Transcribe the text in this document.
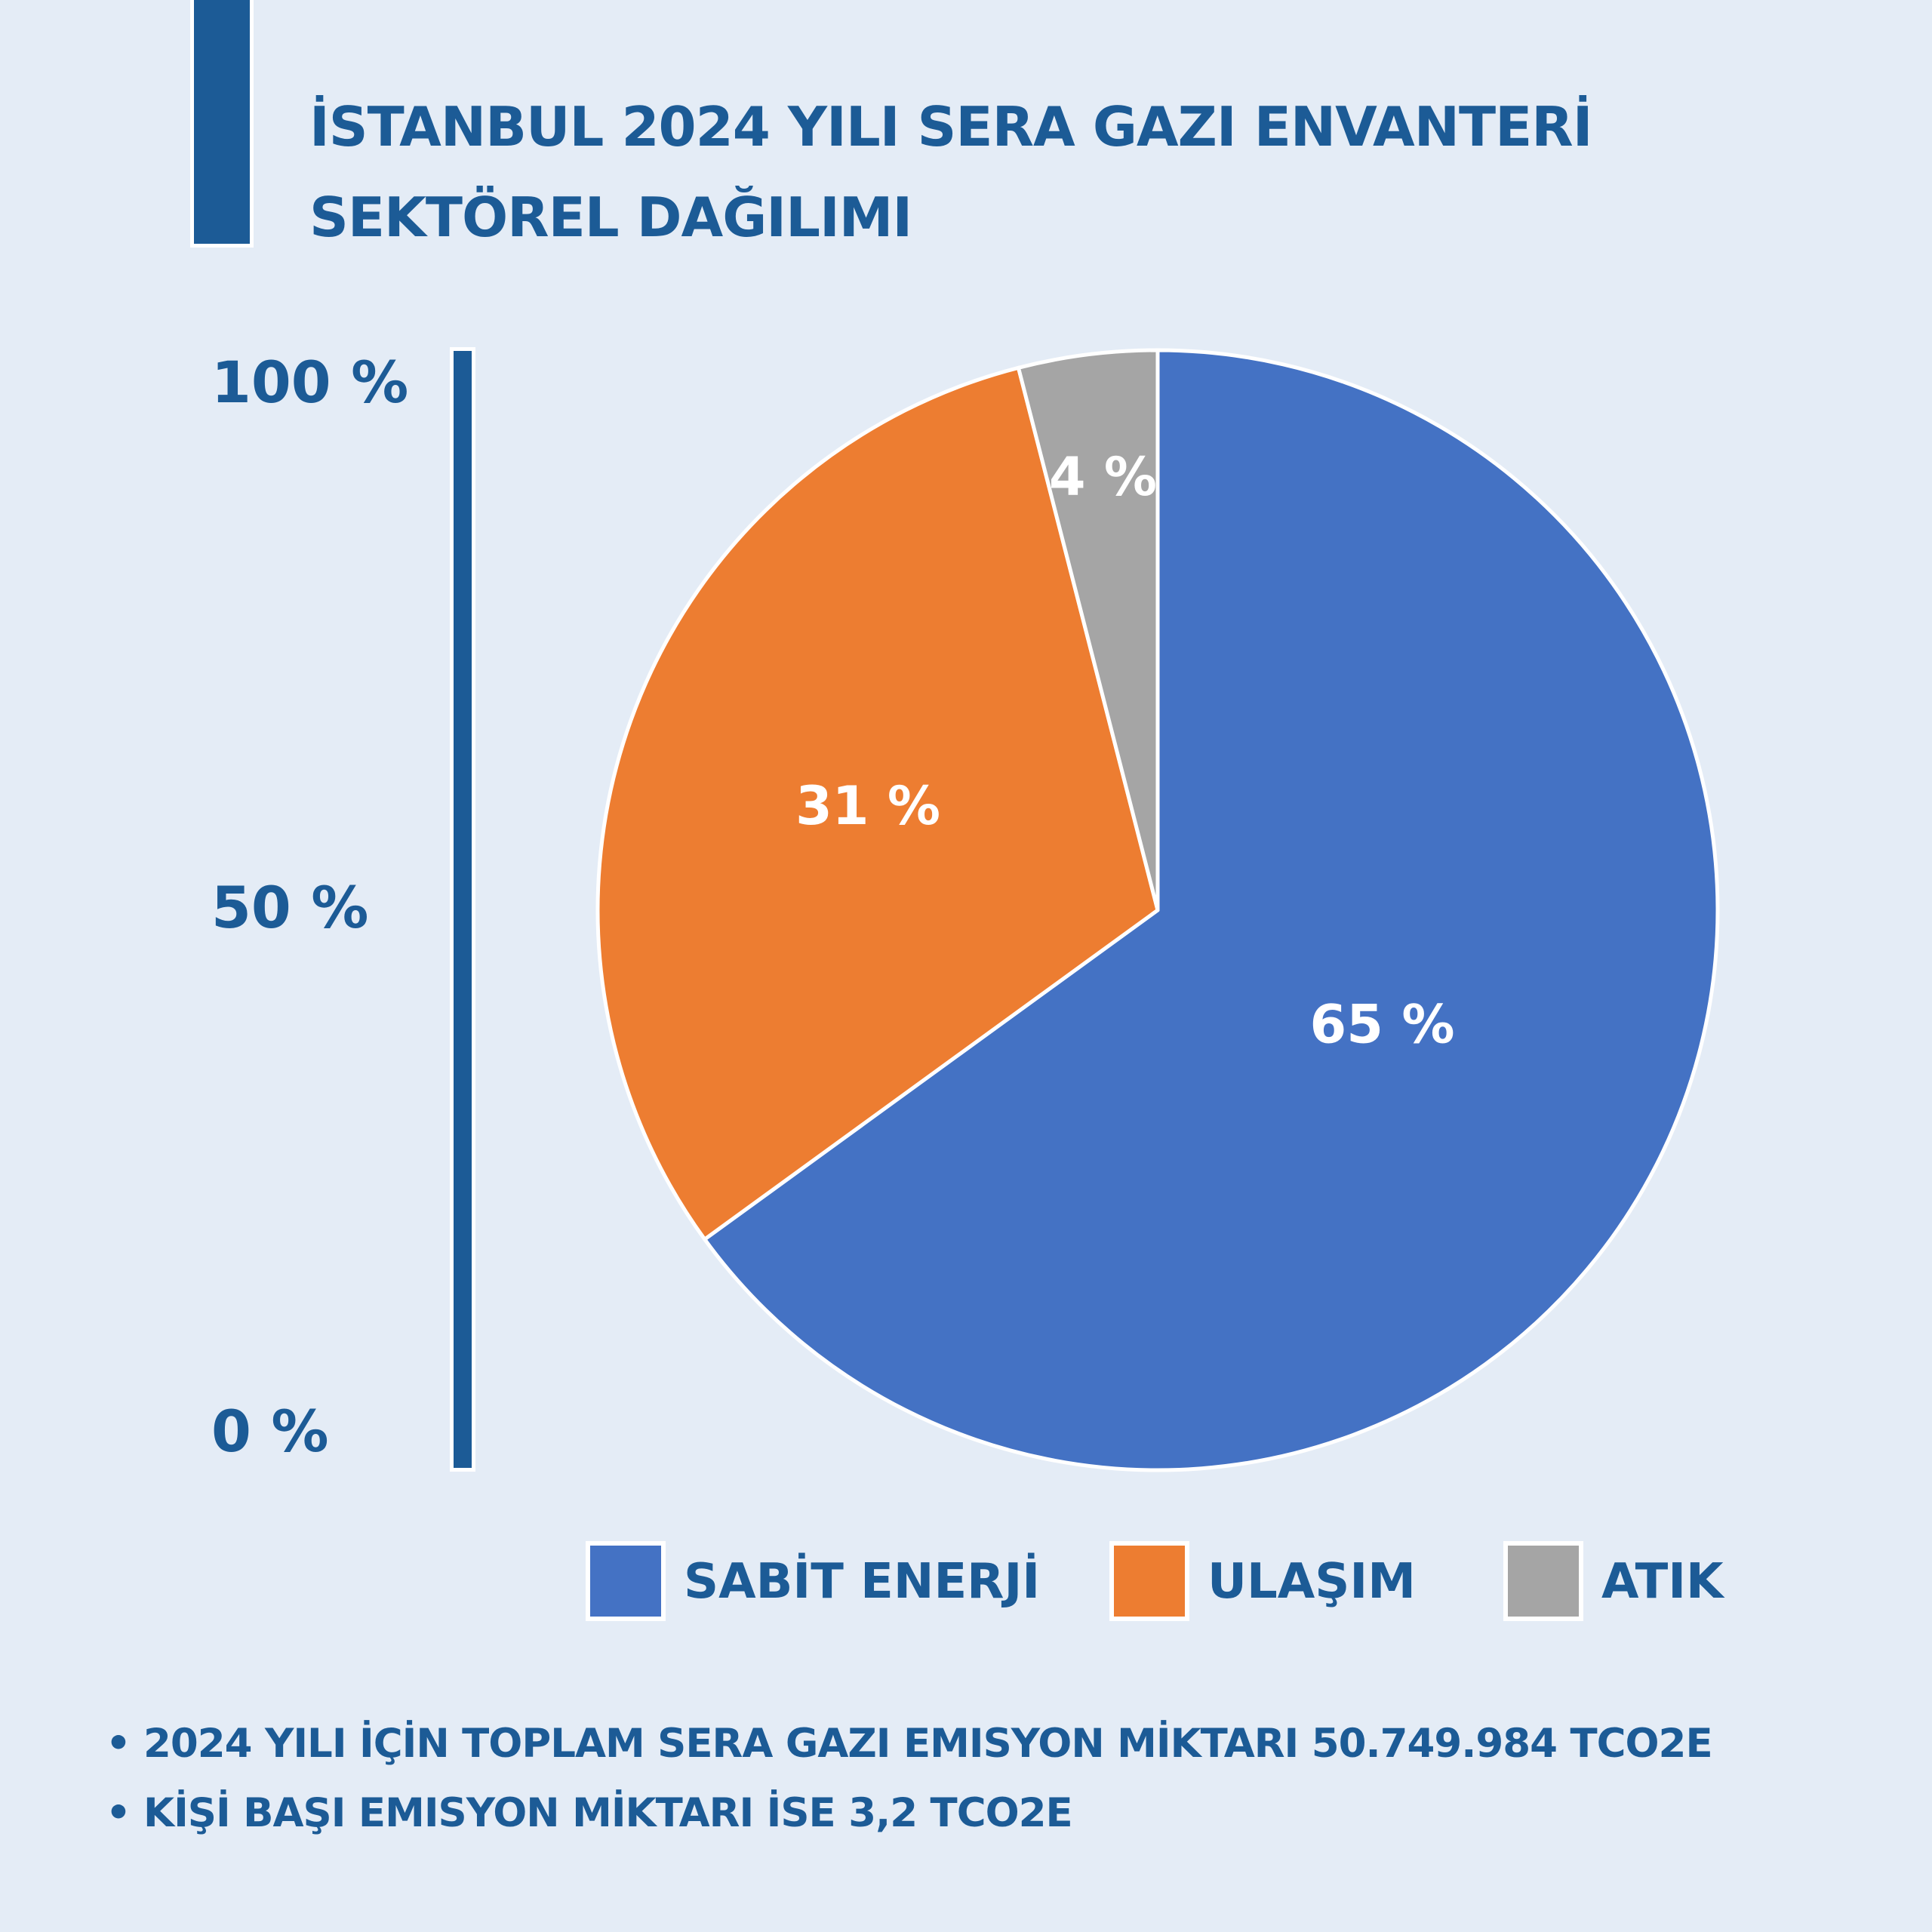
İSTANBUL 2024 YILI SERA GAZI ENVANTERİ
SEKTÖREL DAĞILIMI
100 %
50 %
0 %
65 %
31 %
4 %
SABİT ENERJİ	ULAŞIM	ATIK
• 2024 YILI İÇİN TOPLAM SERA GAZI EMISYON MİKTARI 50.749.984 TCO2E
• KİŞİ BAŞI EMISYON MİKTARI İSE 3,2 TCO2E
